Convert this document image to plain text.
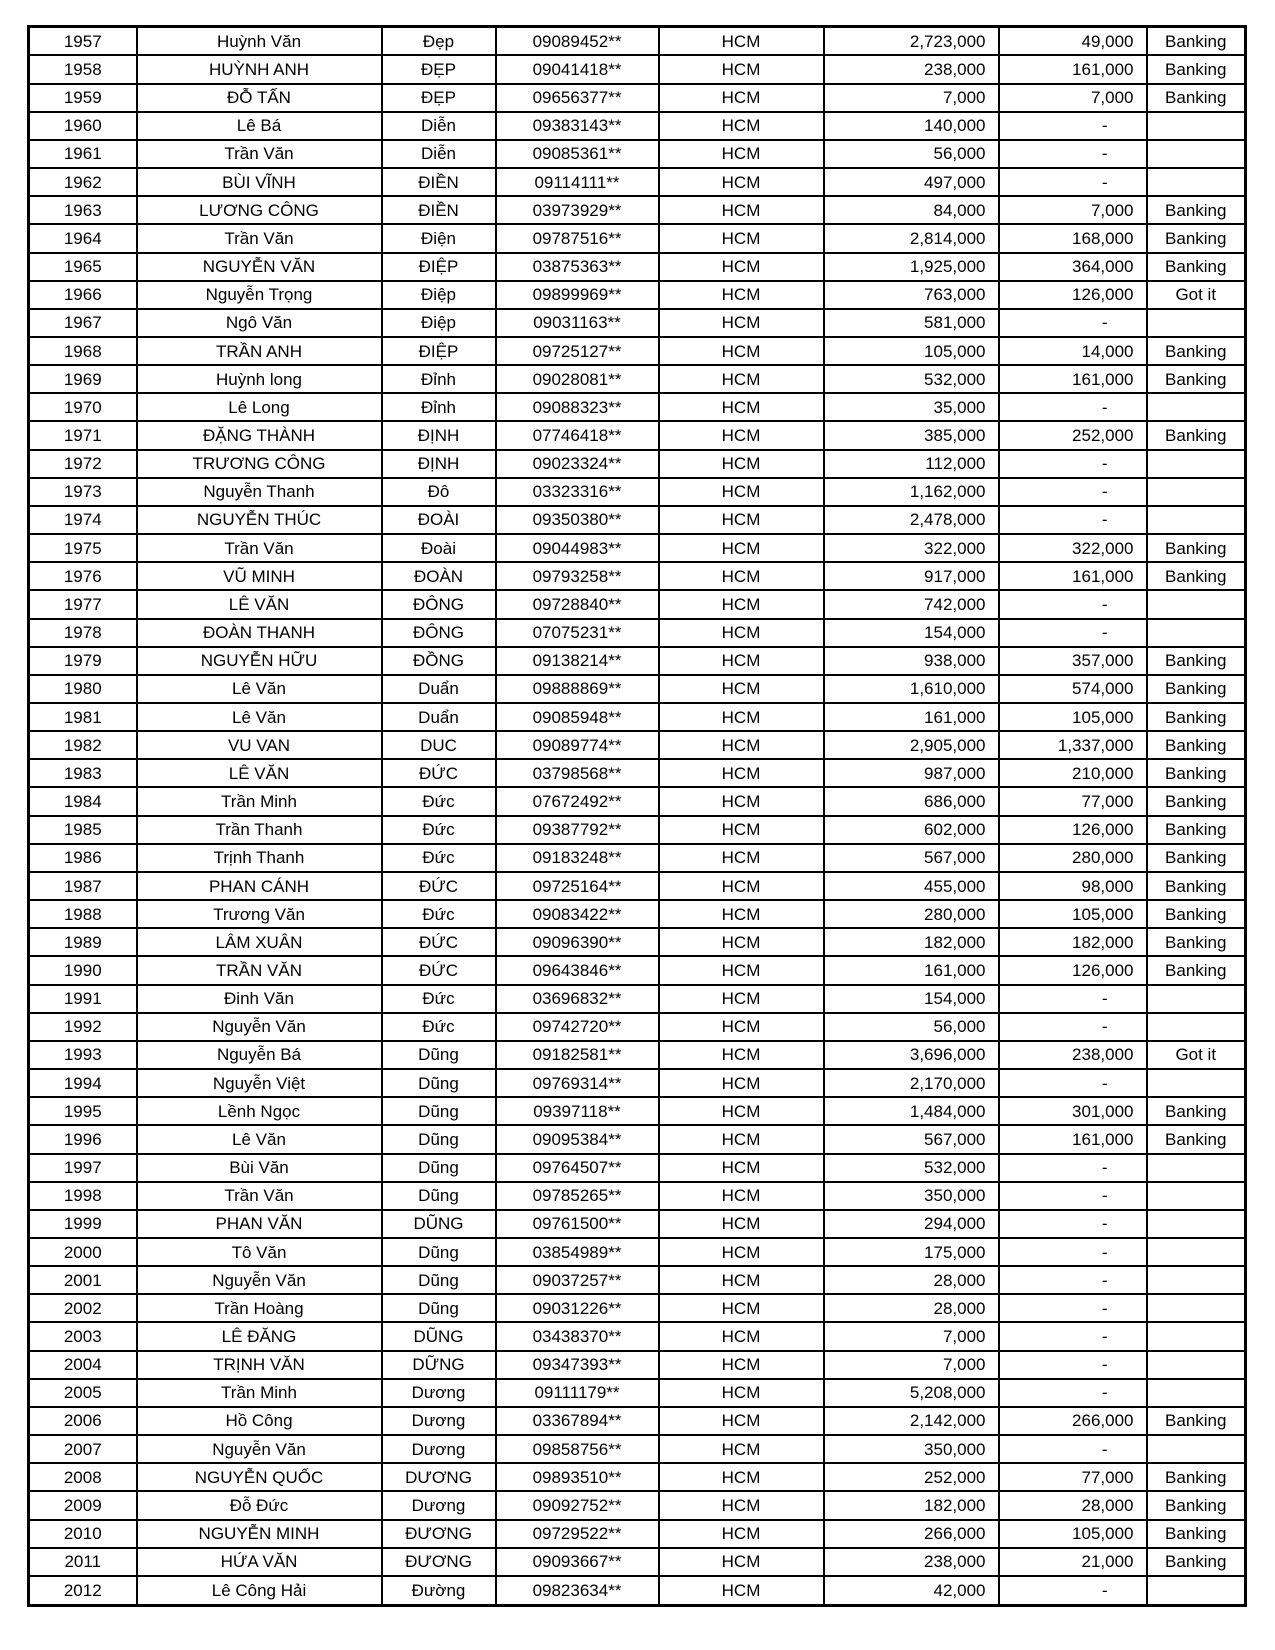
1957	Huỳnh Văn	Đẹp	09089452**	HCM	2,723,000	49,000	Banking
1958	HUỲNH ANH	ĐẸP	09041418**	HCM	238,000	161,000	Banking
1959	ĐỖ TẤN	ĐẸP	09656377**	HCM	7,000	7,000	Banking
1960	Lê Bá	Diễn	09383143**	HCM	140,000	-	
1961	Trần Văn	Diễn	09085361**	HCM	56,000	-	
1962	BÙI VĨNH	ĐIỀN	09114111**	HCM	497,000	-	
1963	LƯƠNG CÔNG	ĐIỀN	03973929**	HCM	84,000	7,000	Banking
1964	Trần Văn	Điện	09787516**	HCM	2,814,000	168,000	Banking
1965	NGUYỄN VĂN	ĐIỆP	03875363**	HCM	1,925,000	364,000	Banking
1966	Nguyễn Trọng	Điệp	09899969**	HCM	763,000	126,000	Got it
1967	Ngô Văn	Điệp	09031163**	HCM	581,000	-	
1968	TRẦN ANH	ĐIỆP	09725127**	HCM	105,000	14,000	Banking
1969	Huỳnh long	Đỉnh	09028081**	HCM	532,000	161,000	Banking
1970	Lê Long	Đỉnh	09088323**	HCM	35,000	-	
1971	ĐẶNG THÀNH	ĐỊNH	07746418**	HCM	385,000	252,000	Banking
1972	TRƯƠNG CÔNG	ĐỊNH	09023324**	HCM	112,000	-	
1973	Nguyễn Thanh	Đô	03323316**	HCM	1,162,000	-	
1974	NGUYỄN THÚC	ĐOÀI	09350380**	HCM	2,478,000	-	
1975	Trần Văn	Đoài	09044983**	HCM	322,000	322,000	Banking
1976	VŨ MINH	ĐOÀN	09793258**	HCM	917,000	161,000	Banking
1977	LÊ VĂN	ĐÔNG	09728840**	HCM	742,000	-	
1978	ĐOÀN THANH	ĐÔNG	07075231**	HCM	154,000	-	
1979	NGUYỄN HỮU	ĐỒNG	09138214**	HCM	938,000	357,000	Banking
1980	Lê Văn	Duẩn	09888869**	HCM	1,610,000	574,000	Banking
1981	Lê Văn	Duẩn	09085948**	HCM	161,000	105,000	Banking
1982	VU VAN	DUC	09089774**	HCM	2,905,000	1,337,000	Banking
1983	LÊ VĂN	ĐỨC	03798568**	HCM	987,000	210,000	Banking
1984	Trần Minh	Đức	07672492**	HCM	686,000	77,000	Banking
1985	Trần Thanh	Đức	09387792**	HCM	602,000	126,000	Banking
1986	Trịnh Thanh	Đức	09183248**	HCM	567,000	280,000	Banking
1987	PHAN CÁNH	ĐỨC	09725164**	HCM	455,000	98,000	Banking
1988	Trương Văn	Đức	09083422**	HCM	280,000	105,000	Banking
1989	LÂM XUÂN	ĐỨC	09096390**	HCM	182,000	182,000	Banking
1990	TRẦN VĂN	ĐỨC	09643846**	HCM	161,000	126,000	Banking
1991	Đinh Văn	Đức	03696832**	HCM	154,000	-	
1992	Nguyễn Văn	Đức	09742720**	HCM	56,000	-	
1993	Nguyễn Bá	Dũng	09182581**	HCM	3,696,000	238,000	Got it
1994	Nguyễn Việt	Dũng	09769314**	HCM	2,170,000	-	
1995	Lềnh Ngọc	Dũng	09397118**	HCM	1,484,000	301,000	Banking
1996	Lê Văn	Dũng	09095384**	HCM	567,000	161,000	Banking
1997	Bùi Văn	Dũng	09764507**	HCM	532,000	-	
1998	Trần Văn	Dũng	09785265**	HCM	350,000	-	
1999	PHAN VĂN	DŨNG	09761500**	HCM	294,000	-	
2000	Tô Văn	Dũng	03854989**	HCM	175,000	-	
2001	Nguyễn Văn	Dũng	09037257**	HCM	28,000	-	
2002	Trần Hoàng	Dũng	09031226**	HCM	28,000	-	
2003	LÊ ĐĂNG	DŨNG	03438370**	HCM	7,000	-	
2004	TRỊNH VĂN	DỮNG	09347393**	HCM	7,000	-	
2005	Trần Minh	Dương	09111179**	HCM	5,208,000	-	
2006	Hồ Công	Dương	03367894**	HCM	2,142,000	266,000	Banking
2007	Nguyễn Văn	Dương	09858756**	HCM	350,000	-	
2008	NGUYỄN QUỐC	DƯƠNG	09893510**	HCM	252,000	77,000	Banking
2009	Đỗ Đức	Dương	09092752**	HCM	182,000	28,000	Banking
2010	NGUYỄN MINH	ĐƯƠNG	09729522**	HCM	266,000	105,000	Banking
2011	HỨA VĂN	ĐƯƠNG	09093667**	HCM	238,000	21,000	Banking
2012	Lê Công Hải	Đường	09823634**	HCM	42,000	-	
